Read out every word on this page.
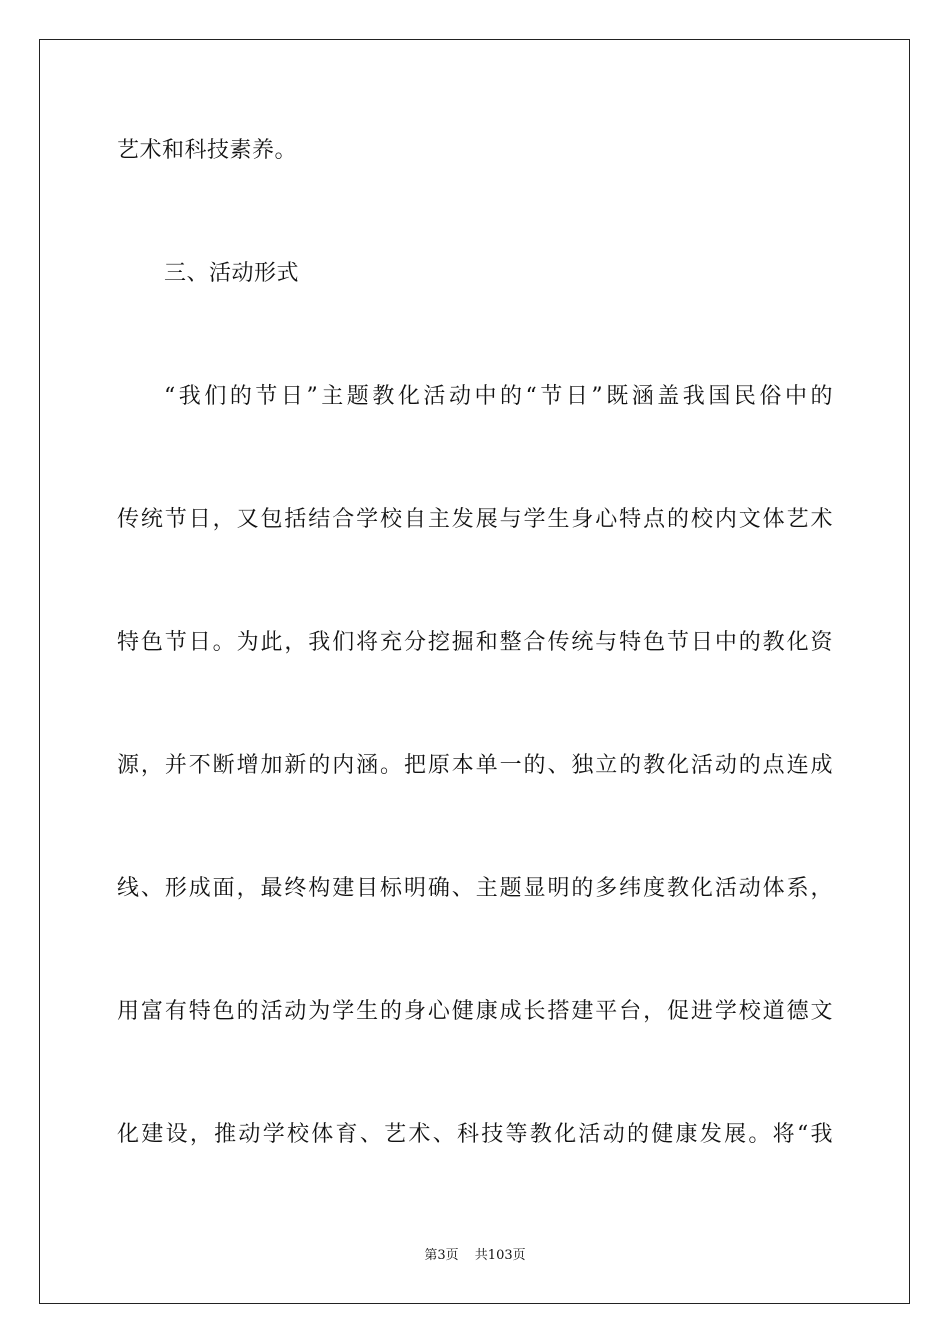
艺术和科技素养。
三、活动形式
“我们的节日”主题教化活动中的“节日”既涵盖我国民俗中的
传统节日，又包括结合学校自主发展与学生身心特点的校内文体艺术
特色节日。为此，我们将充分挖掘和整合传统与特色节日中的教化资
源，并不断增加新的内涵。把原本单一的、独立的教化活动的点连成
线、形成面，最终构建目标明确、主题显明的多纬度教化活动体系，
用富有特色的活动为学生的身心健康成长搭建平台，促进学校道德文
化建设，推动学校体育、艺术、科技等教化活动的健康发展。将“我
第3页 共103页
